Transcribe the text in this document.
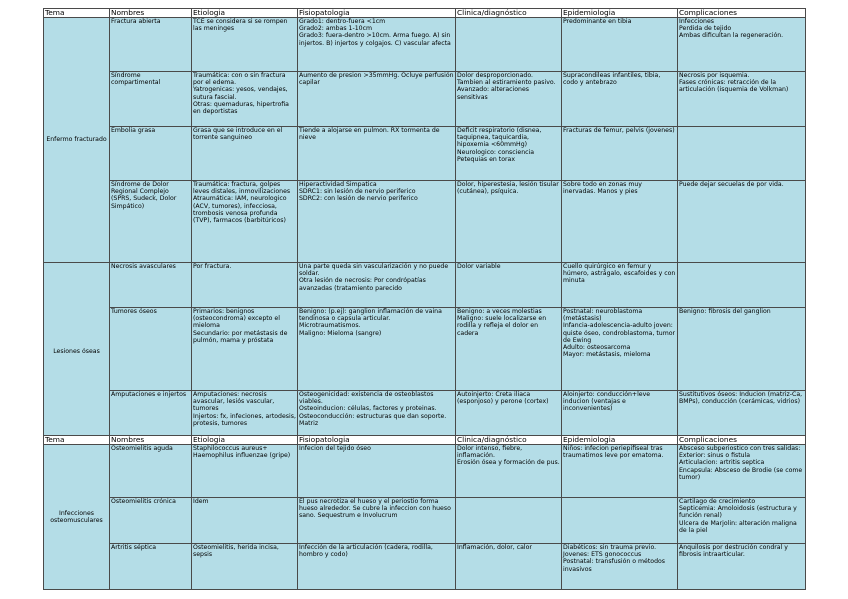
Tema	Nombres	Etiologia	Fisiopatologia	Clinica/diagnóstico	Epidemiologia	Complicaciones
Enfermo fracturado	Fractura abierta	TCE se considera si se rompen las meninges	Grado1: dentro-fuera <1cm
Grado2: ambas 1-10cm
Grado3: fuera-dentro >10cm. Arma fuego. A) sin injertos. B) injertos y colgajos. C) vascular afecta		Predominante en tibia	Infecciones
Perdida de tejido
Ambas dificultan la regeneración.
	Síndrome compartimental	Traumática: con o sin fractura por el edema.
Yatrogenicas: yesos, vendajes, sutura fascial.
Otras: quemaduras, hipertrofia en deportistas	Aumento de presion >35mmHg. Ocluye perfusión capilar	Dolor desproporcionado. Tambien al estiramiento pasivo. Avanzado: alteraciones sensitivas	Supracondileas infantiles, tibia, codo y antebrazo	Necrosis por isquemia.
Fases crónicas: retracción de la articulación (isquemia de Volkman)
	Embolia grasa	Grasa que se introduce en el torrente sanguineo	Tiende a alojarse en pulmon. RX tormenta de nieve	Deficit respiratorio (disnea, taquipnea, taquicardia, hipoxemia <60mmHg)
Neurologico: consciencia
Petequias en torax	Fracturas de femur, pelvis (jovenes)	
	Síndrome de Dolor Regional Complejo (SPRS, Sudeck, Dolor Simpático)	Traumática: fractura, golpes leves distales, inmovilizaciones
Atraumática: IAM, neurologico (ACV, tumores), infecciosa, trombosis venosa profunda (TVP), farmacos (barbitúricos)	Hiperactividad Simpatica
SDRC1: sin lesión de nervio periferico
SDRC2: con lesión de nervio periferico	Dolor, hiperestesia, lesión tisular (cutánea), psíquica.	Sobre todo en zonas muy inervadas. Manos y pies	Puede dejar secuelas de por vida.
Lesiones óseas	Necrosis avasculares	Por fractura.	Una parte queda sin vascularización y no puede soldar.
Otra lesión de necrosis: Por condrópatías avanzadas (tratamiento parecido	Dolor variable	Cuello quirúrgico en femur y húmero, astrágalo, escafoides y con minuta	
	Tumores óseos	Primarios: benignos (osteocondroma) excepto el mieloma
Secundario: por metástasis de pulmón, mama y próstata	Benigno: (p.ej): ganglion inflamación de vaina tendinosa o capsula articular.
Microtraumatismos.
Maligno: Mieloma (sangre)	Benigno: a veces molestias
Maligno: suele localizarse en rodilla y refleja el dolor en cadera	Postnatal: neuroblastoma (metástasis)
Infancia-adolescencia-adulto joven: quiste óseo, condroblastoma, tumor de Ewing
Adulto: osteosarcoma
Mayor: metástasis, mieloma	Benigno: fibrosis del ganglion
	Amputaciones e injertos	Amputaciones: necrosis avascular, lesiós vascular, tumores
Injertos: fx, infeciones, artodesis, protesis, tumores	Osteogenicidad: existencia de osteoblastos viables.
Osteoinducion: células, factores y proteinas.
Osteoconducción: estructuras que dan soporte. Matriz	Autoinjerto: Creta iliaca (esponjoso) y perone (cortex)	Aloinjerto: conducción+leve inducion (ventajas e inconvenientes)	Sustitutivos óseos: Inducion (matriz-Ca, BMPs), conducción (cerámicas, vidrios)
Tema	Nombres	Etiologia	Fisiopatologia	Clinica/diagnóstico	Epidemiologia	Complicaciones
Infecciones osteomusculares	Osteomielitis aguda	Staphilococcus aureus+ Haemophilus influenzae (gripe)	Infecion del tejido óseo	Dolor intenso, fiebre, inflamación.
Erosión ósea y formación de pus.	Niños: infecion periepifiseal tras traumatimos leve por ematoma.	Absceso subperiostico con tres salidas:
Exterior: sinus o fistula
Articulacion: artritis septica
Encapsula: Absceso de Brodie (se come tumor)
	Osteomielitis crónica	Idem	El pus necrotiza el hueso y el periostio forma hueso alrededor. Se cubre la infeccion con hueso sano. Sequestrum e Involucrum			Cartilago de crecimiento
Septicemia: Amoloidosis (estructura y función renal)
Ulcera de Marjolin: alteración maligna de la piel
	Artritis séptica	Osteomielitis, herida incisa, sepsis	Infección de la articulación (cadera, rodilla, hombro y codo)	Inflamación, dolor, calor	Diabéticos: sin trauma previo.
Jovenes: ETS gonococcus
Postnatal: transfusión o métodos invasivos	Anquilosis por destrución condral y fibrosis intraarticular.
